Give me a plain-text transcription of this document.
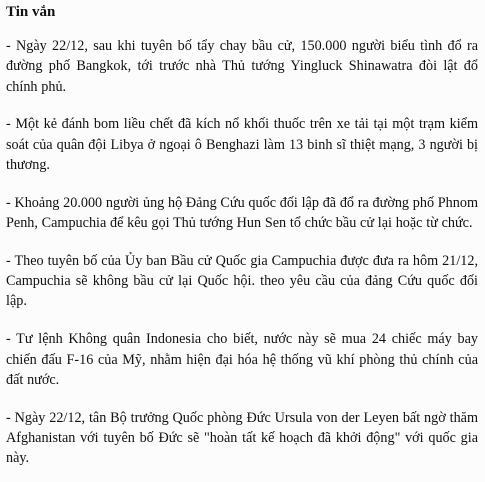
Tin vắn

- Ngày 22/12, sau khi tuyên bố tẩy chay bầu cử, 150.000 người biểu tình đổ ra đường phố Bangkok, tới trước nhà Thủ tướng Yingluck Shinawatra đòi lật đổ chính phủ.

- Một kẻ đánh bom liều chết đã kích nổ khối thuốc trên xe tải tại một trạm kiểm soát của quân đội Libya ở ngoại ô Benghazi làm 13 binh sĩ thiệt mạng, 3 người bị thương.

- Khoảng 20.000 người ủng hộ Đảng Cứu quốc đối lập đã đổ ra đường phố Phnom Penh, Campuchia để kêu gọi Thủ tướng Hun Sen tổ chức bầu cử lại hoặc từ chức.

- Theo tuyên bố của Ủy ban Bầu cử Quốc gia Campuchia được đưa ra hôm 21/12, Campuchia sẽ không bầu cử lại Quốc hội. theo yêu cầu của đảng Cứu quốc đối lập.

- Tư lệnh Không quân Indonesia cho biết, nước này sẽ mua 24 chiếc máy bay chiến đấu F-16 của Mỹ, nhằm hiện đại hóa hệ thống vũ khí phòng thủ chính của đất nước.

- Ngày 22/12, tân Bộ trưởng Quốc phòng Đức Ursula von der Leyen bất ngờ thăm Afghanistan với tuyên bố Đức sẽ "hoàn tất kế hoạch đã khởi động" với quốc gia này.
